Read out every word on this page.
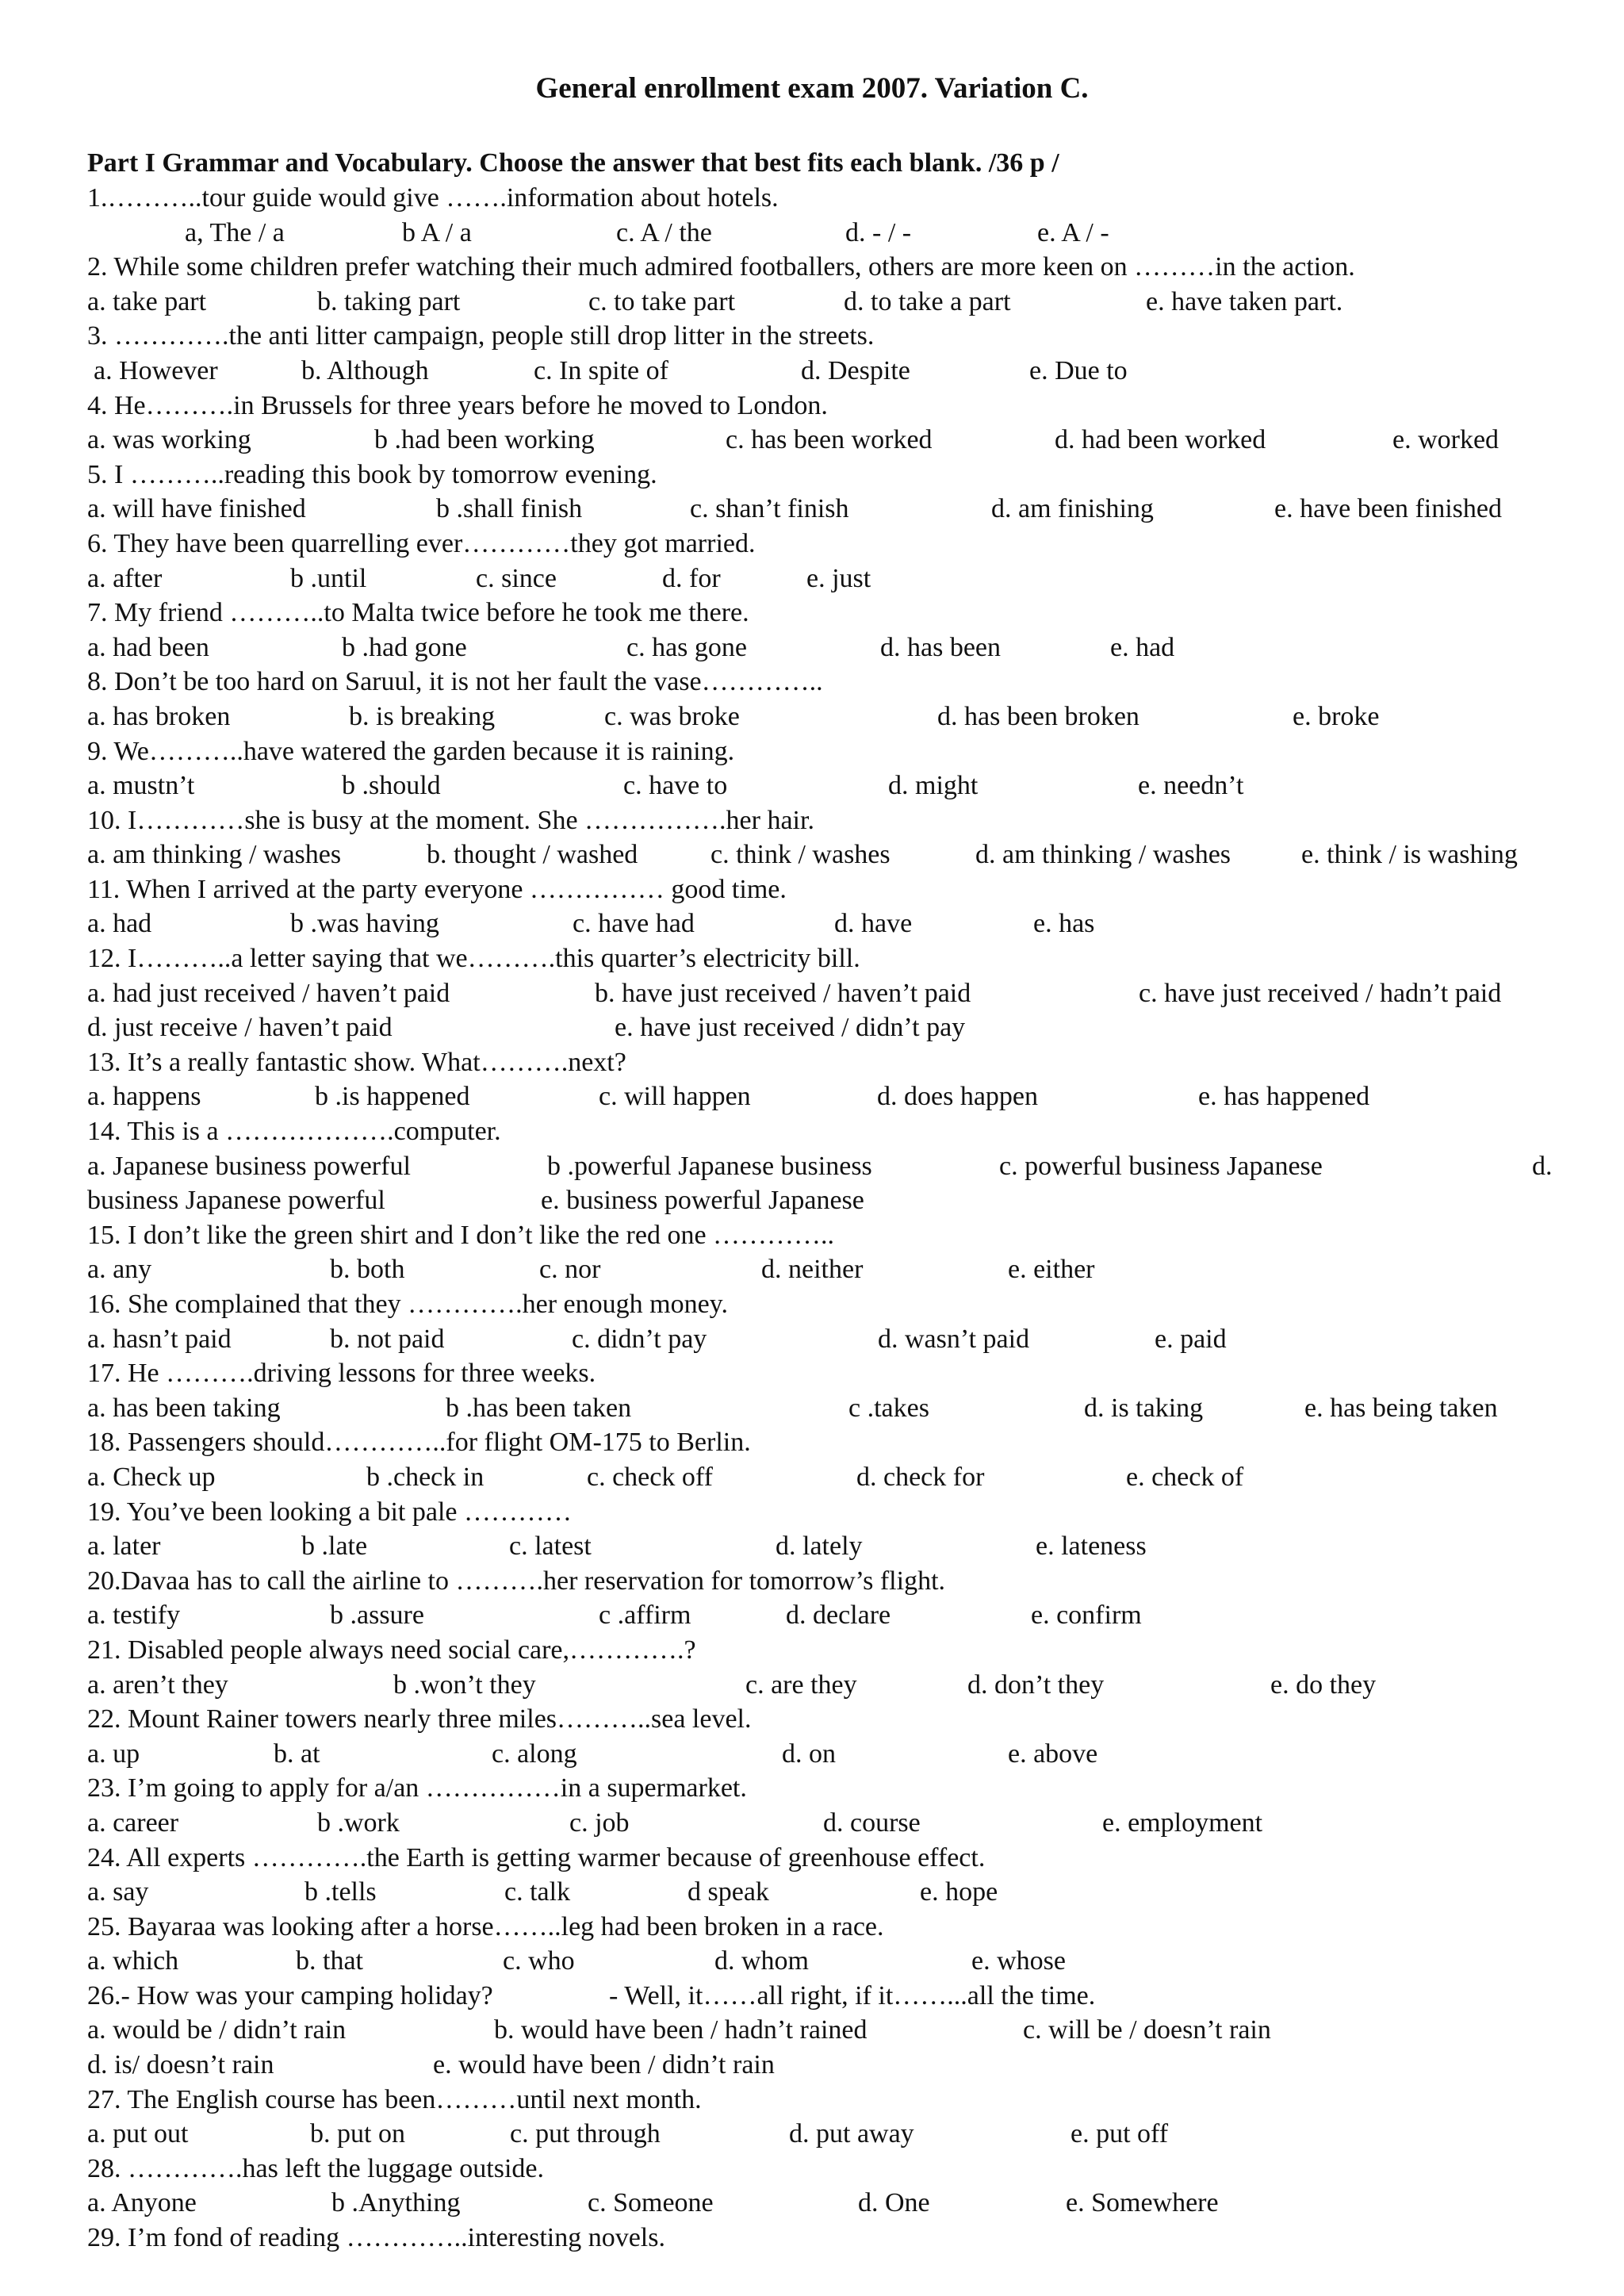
General enrollment exam 2007. Variation C.
Part I Grammar and Vocabulary. Choose the answer that best fits each blank. /36 p /
1.………..tour guide would give …….information about hotels.
a, The / a	b A / a	c. A / the	d. - / -	e. A / -
2. While some children prefer watching their much admired footballers, others are more keen on ………in the action.
a. take part	b. taking part	c. to take part	d. to take a part	e. have taken part.
3. ………….the anti litter campaign, people still drop litter in the streets.
a. However	b. Although	c. In spite of	d. Despite	e. Due to
4. He……….in Brussels for three years before he moved to London.
a. was working	b .had been working	c. has been worked	d. had been worked	e. worked
5. I ………..reading this book by tomorrow evening.
a. will have finished	b .shall finish	c. shan’t finish	d. am finishing	e. have been finished
6. They have been quarrelling ever…………they got married.
a. after	b .until	c. since	d. for	e. just
7. My friend ………..to Malta twice before he took me there.
a. had been	b .had gone	c. has gone	d. has been	e. had
8. Don’t be too hard on Saruul, it is not her fault the vase…………..
a. has broken	b. is breaking	c. was broke	d. has been broken	e. broke
9. We………..have watered the garden because it is raining.
a. mustn’t	b .should	c. have to	d. might	e. needn’t
10. I…………she is busy at the moment. She …………….her hair.
a. am thinking / washes	b. thought / washed	c. think / washes	d. am thinking / washes	e. think / is washing
11. When I arrived at the party everyone …………… good time.
a. had	b .was having	c. have had	d. have	e. has
12. I………..a letter saying that we……….this quarter’s electricity bill.
a. had just received / haven’t paid	b. have just received / haven’t paid	c. have just received / hadn’t paid
d. just receive / haven’t paid	e. have just received / didn’t pay
13. It’s a really fantastic show. What……….next?
a. happens	b .is happened	c. will happen	d. does happen	e. has happened
14. This is a ……………….computer.
a. Japanese business powerful	b .powerful Japanese business	c. powerful business Japanese	d.
business Japanese powerful	e. business powerful Japanese
15. I don’t like the green shirt and I don’t like the red one …………..
a. any	b. both	c. nor	d. neither	e. either
16. She complained that they ………….her enough money.
a. hasn’t paid	b. not paid	c. didn’t pay	d. wasn’t paid	e. paid
17. He ……….driving lessons for three weeks.
a. has been taking	b .has been taken	c .takes	d. is taking	e. has being taken
18. Passengers should…………..for flight OM-175 to Berlin.
a. Check up	b .check in	c. check off	d. check for	e. check of
19. You’ve been looking a bit pale …………
a. later	b .late	c. latest	d. lately	e. lateness
20.Davaa has to call the airline to ……….her reservation for tomorrow’s flight.
a. testify	b .assure	c .affirm	d. declare	e. confirm
21. Disabled people always need social care,………….?
a. aren’t they	b .won’t they	c. are they	d. don’t they	e. do they
22. Mount Rainer towers nearly three miles………..sea level.
a. up	b. at	c. along	d. on	e. above
23. I’m going to apply for a/an ……………in a supermarket.
a. career	b .work	c. job	d. course	e. employment
24. All experts ………….the Earth is getting warmer because of greenhouse effect.
a. say	b .tells	c. talk	d speak	e. hope
25. Bayaraa was looking after a horse……..leg had been broken in a race.
a. which	b. that	c. who	d. whom	e. whose
26.- How was your camping holiday?	- Well, it……all right, if it……...all the time.
a. would be / didn’t rain	b. would have been / hadn’t rained	c. will be / doesn’t rain
d. is/ doesn’t rain	e. would have been / didn’t rain
27. The English course has been………until next month.
a. put out	b. put on	c. put through	d. put away	e. put off
28. ………….has left the luggage outside.
a. Anyone	b .Anything	c. Someone	d. One	e. Somewhere
29. I’m fond of reading …………..interesting novels.
